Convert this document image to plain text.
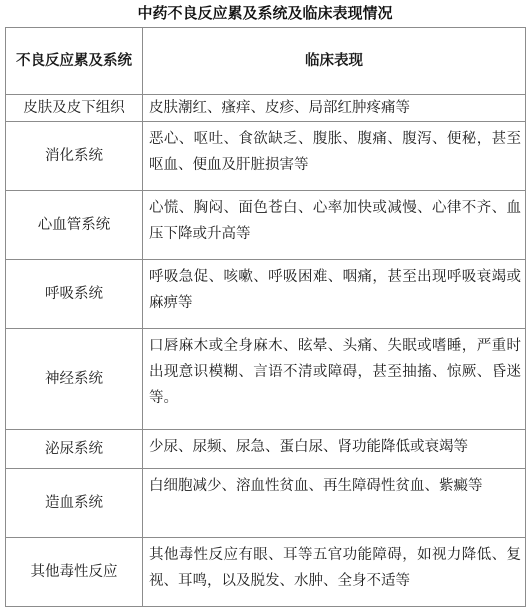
中药不良反应累及系统及临床表现情况
不良反应累及系统	临床表现
皮肤及皮下组织	皮肤潮红、瘙痒、皮疹、局部红肿疼痛等
消化系统	恶心、呕吐、食欲缺乏、腹胀、腹痛、腹泻、便秘，甚至呕血、便血及肝脏损害等
心血管系统	心慌、胸闷、面色苍白、心率加快或减慢、心律不齐、血压下降或升高等
呼吸系统	呼吸急促、咳嗽、呼吸困难、咽痛，甚至出现呼吸衰竭或麻痹等
神经系统	口唇麻木或全身麻木、眩晕、头痛、失眠或嗜睡，严重时出现意识模糊、言语不清或障碍，甚至抽搐、惊厥、昏迷等。
泌尿系统	少尿、尿频、尿急、蛋白尿、肾功能降低或衰竭等
造血系统	白细胞减少、溶血性贫血、再生障碍性贫血、紫癜等
其他毒性反应	其他毒性反应有眼、耳等五官功能障碍，如视力降低、复视、耳鸣，以及脱发、水肿、全身不适等
